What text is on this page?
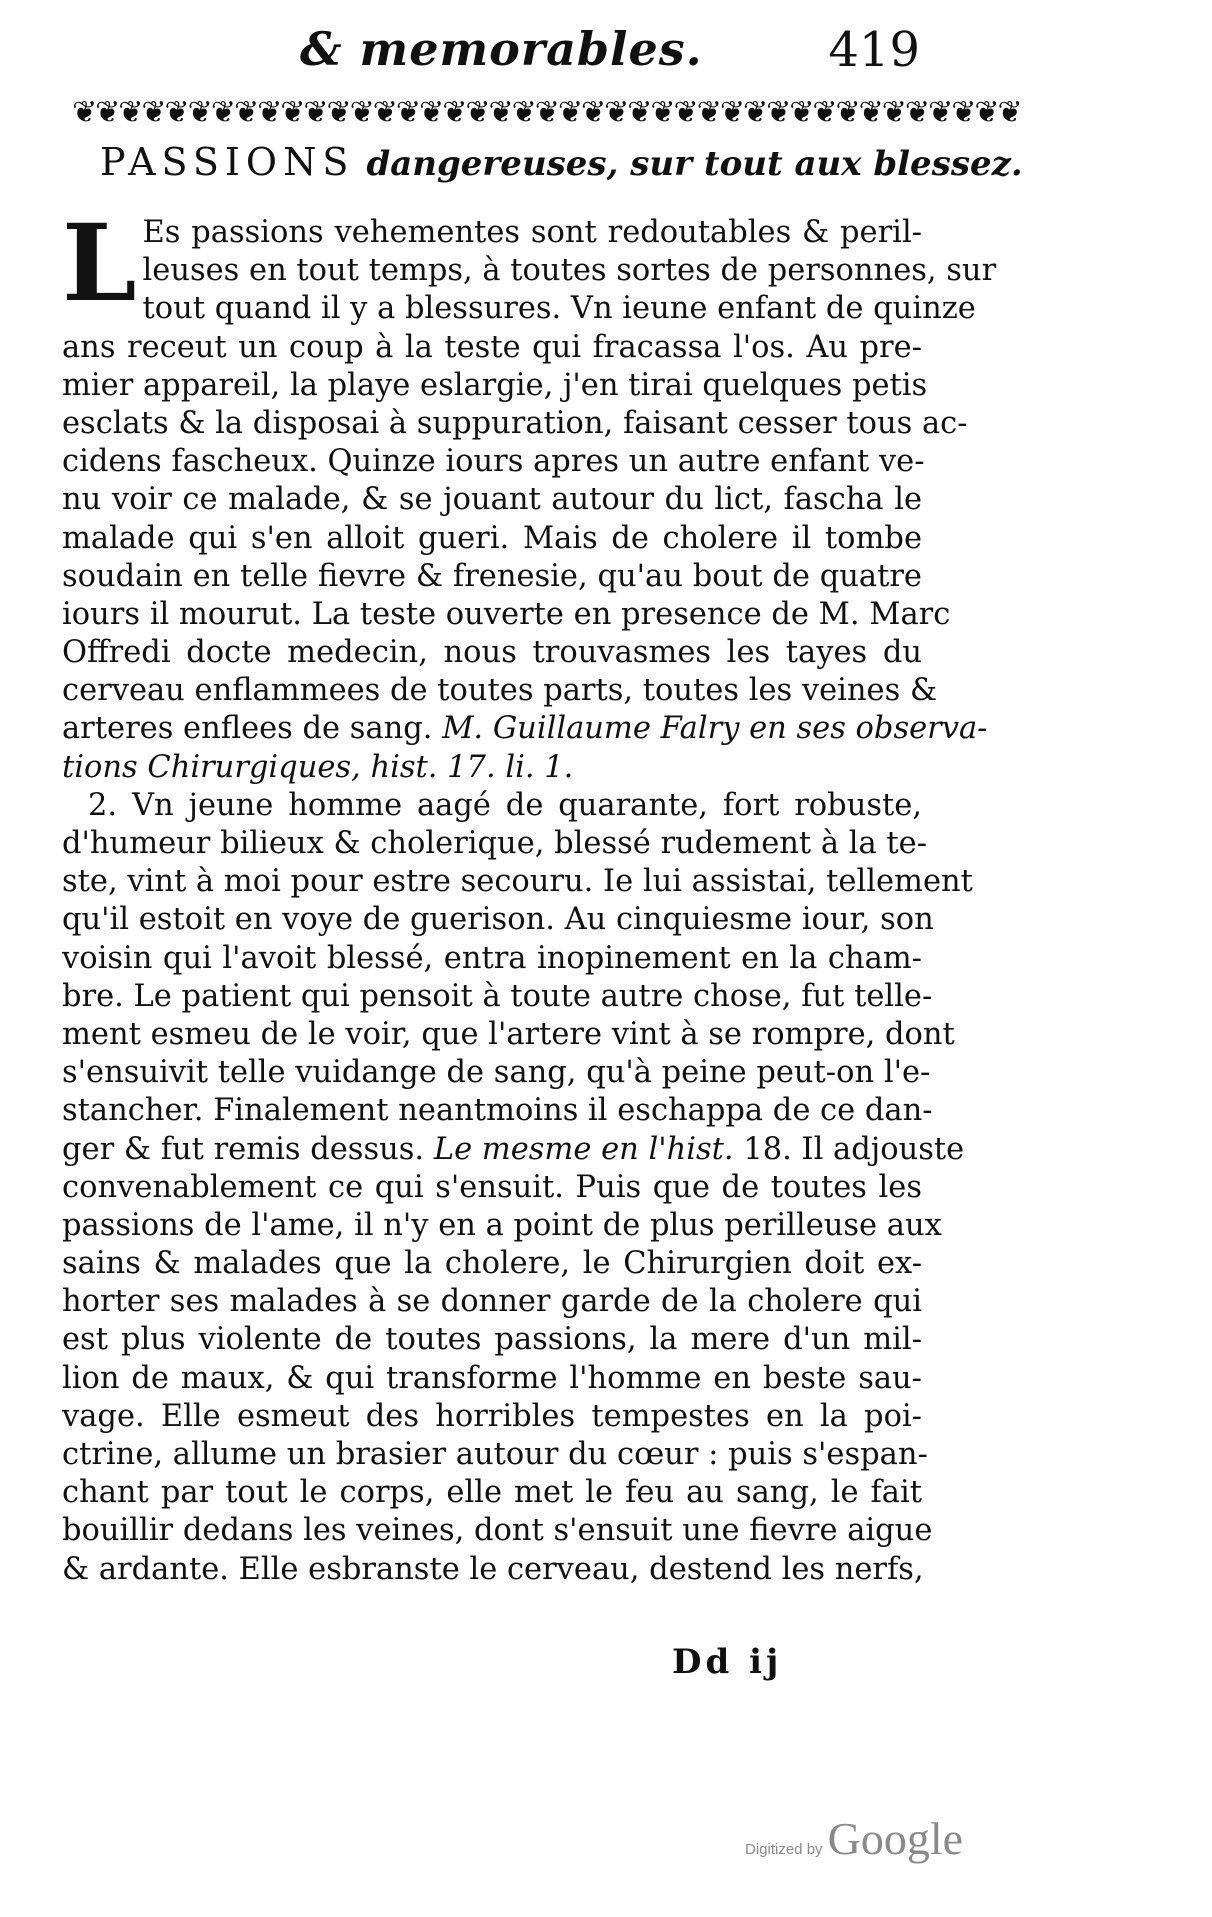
& memorables.	419
❦❦❦❦❦❦❦❦❦❦❦❦❦❦❦❦❦❦❦❦❦❦❦❦❦❦❦❦❦❦❦❦❦❦❦❦❦❦❦❦❦
PASSIONS dangereuses, sur tout aux blessez.
L Es passions vehementes sont redoutables & peril-
leuses en tout temps, à toutes sortes de personnes, sur
tout quand il y a blessures. Vn ieune enfant de quinze
ans receut un coup à la teste qui fracassa l'os. Au pre-
mier appareil, la playe eslargie, j'en tirai quelques petis
esclats & la disposai à suppuration, faisant cesser tous ac-
cidens fascheux. Quinze iours apres un autre enfant ve-
nu voir ce malade, & se jouant autour du lict, fascha le
malade qui s'en alloit gueri. Mais de cholere il tombe
soudain en telle fievre & frenesie, qu'au bout de quatre
iours il mourut. La teste ouverte en presence de M. Marc
Offredi docte medecin, nous trouvasmes les tayes du
cerveau enflammees de toutes parts, toutes les veines &
arteres enflees de sang. M. Guillaume Falry en ses observa-
tions Chirurgiques, hist. 17. li. 1.
2. Vn jeune homme aagé de quarante, fort robuste,
d'humeur bilieux & cholerique, blessé rudement à la te-
ste, vint à moi pour estre secouru. Ie lui assistai, tellement
qu'il estoit en voye de guerison. Au cinquiesme iour, son
voisin qui l'avoit blessé, entra inopinement en la cham-
bre. Le patient qui pensoit à toute autre chose, fut telle-
ment esmeu de le voir, que l'artere vint à se rompre, dont
s'ensuivit telle vuidange de sang, qu'à peine peut-on l'e-
stancher. Finalement neantmoins il eschappa de ce dan-
ger & fut remis dessus. Le mesme en l'hist. 18. Il adjouste
convenablement ce qui s'ensuit. Puis que de toutes les
passions de l'ame, il n'y en a point de plus perilleuse aux
sains & malades que la cholere, le Chirurgien doit ex-
horter ses malades à se donner garde de la cholere qui
est plus violente de toutes passions, la mere d'un mil-
lion de maux, & qui transforme l'homme en beste sau-
vage. Elle esmeut des horribles tempestes en la poi-
ctrine, allume un brasier autour du cœur : puis s'espan-
chant par tout le corps, elle met le feu au sang, le fait
bouillir dedans les veines, dont s'ensuit une fievre aigue
& ardante. Elle esbranste le cerveau, destend les nerfs,
Dd ij
Digitized by Google
